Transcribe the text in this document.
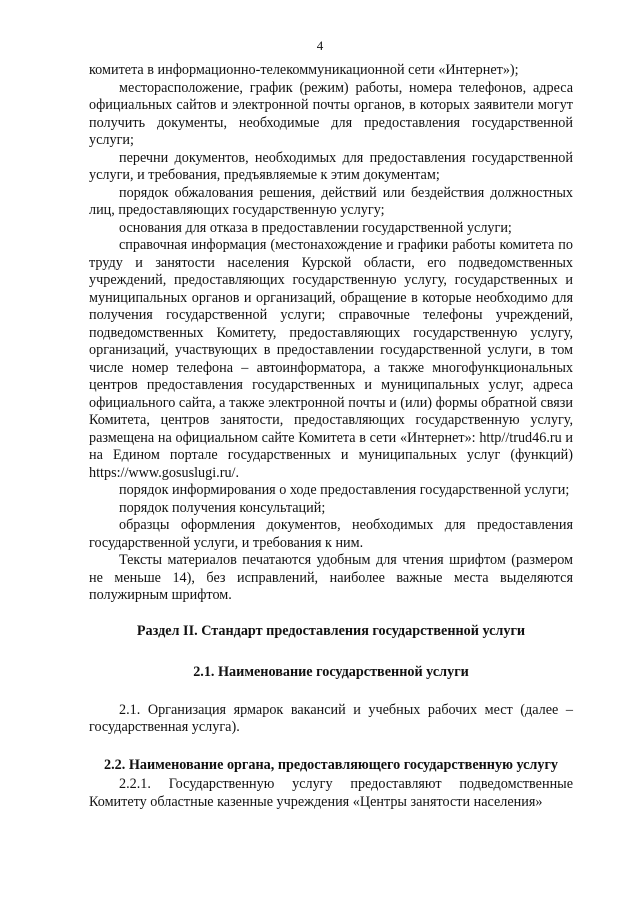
4

комитета в информационно-телекоммуникационной сети «Интернет»);

месторасположение, график (режим) работы, номера телефонов, адреса официальных сайтов и электронной почты органов, в которых заявители могут получить документы, необходимые для предоставления государственной услуги;

перечни документов, необходимых для предоставления государственной услуги, и требования, предъявляемые к этим документам;

порядок обжалования решения, действий или бездействия должностных лиц, предоставляющих государственную услугу;

основания для отказа в предоставлении государственной услуги;

справочная информация (местонахождение и графики работы комитета по труду и занятости населения Курской области, его подведомственных учреждений, предоставляющих государственную услугу, государственных и муниципальных органов и организаций, обращение в которые необходимо для получения государственной услуги; справочные телефоны учреждений, подведомственных Комитету, предоставляющих государственную услугу, организаций, участвующих в предоставлении государственной услуги, в том числе номер телефона – автоинформатора, а также многофункциональных центров предоставления государственных и муниципальных услуг, адреса официального сайта, а также электронной почты и (или) формы обратной связи Комитета, центров занятости, предоставляющих государственную услугу, размещена на официальном сайте Комитета в сети «Интернет»: http//trud46.ru и на Едином портале государственных и муниципальных услуг (функций) https://www.gosuslugi.ru/.

порядок информирования о ходе предоставления государственной услуги;

порядок получения консультаций;

образцы оформления документов, необходимых для предоставления государственной услуги, и требования к ним.

Тексты материалов печатаются удобным для чтения шрифтом (размером не меньше 14), без исправлений, наиболее важные места выделяются полужирным шрифтом.

Раздел II. Стандарт предоставления государственной услуги

2.1. Наименование государственной услуги

2.1. Организация ярмарок вакансий и учебных рабочих мест (далее – государственная услуга).

2.2. Наименование органа, предоставляющего государственную услугу

2.2.1. Государственную услугу предоставляют подведомственные Комитету областные казенные учреждения «Центры занятости населения»
